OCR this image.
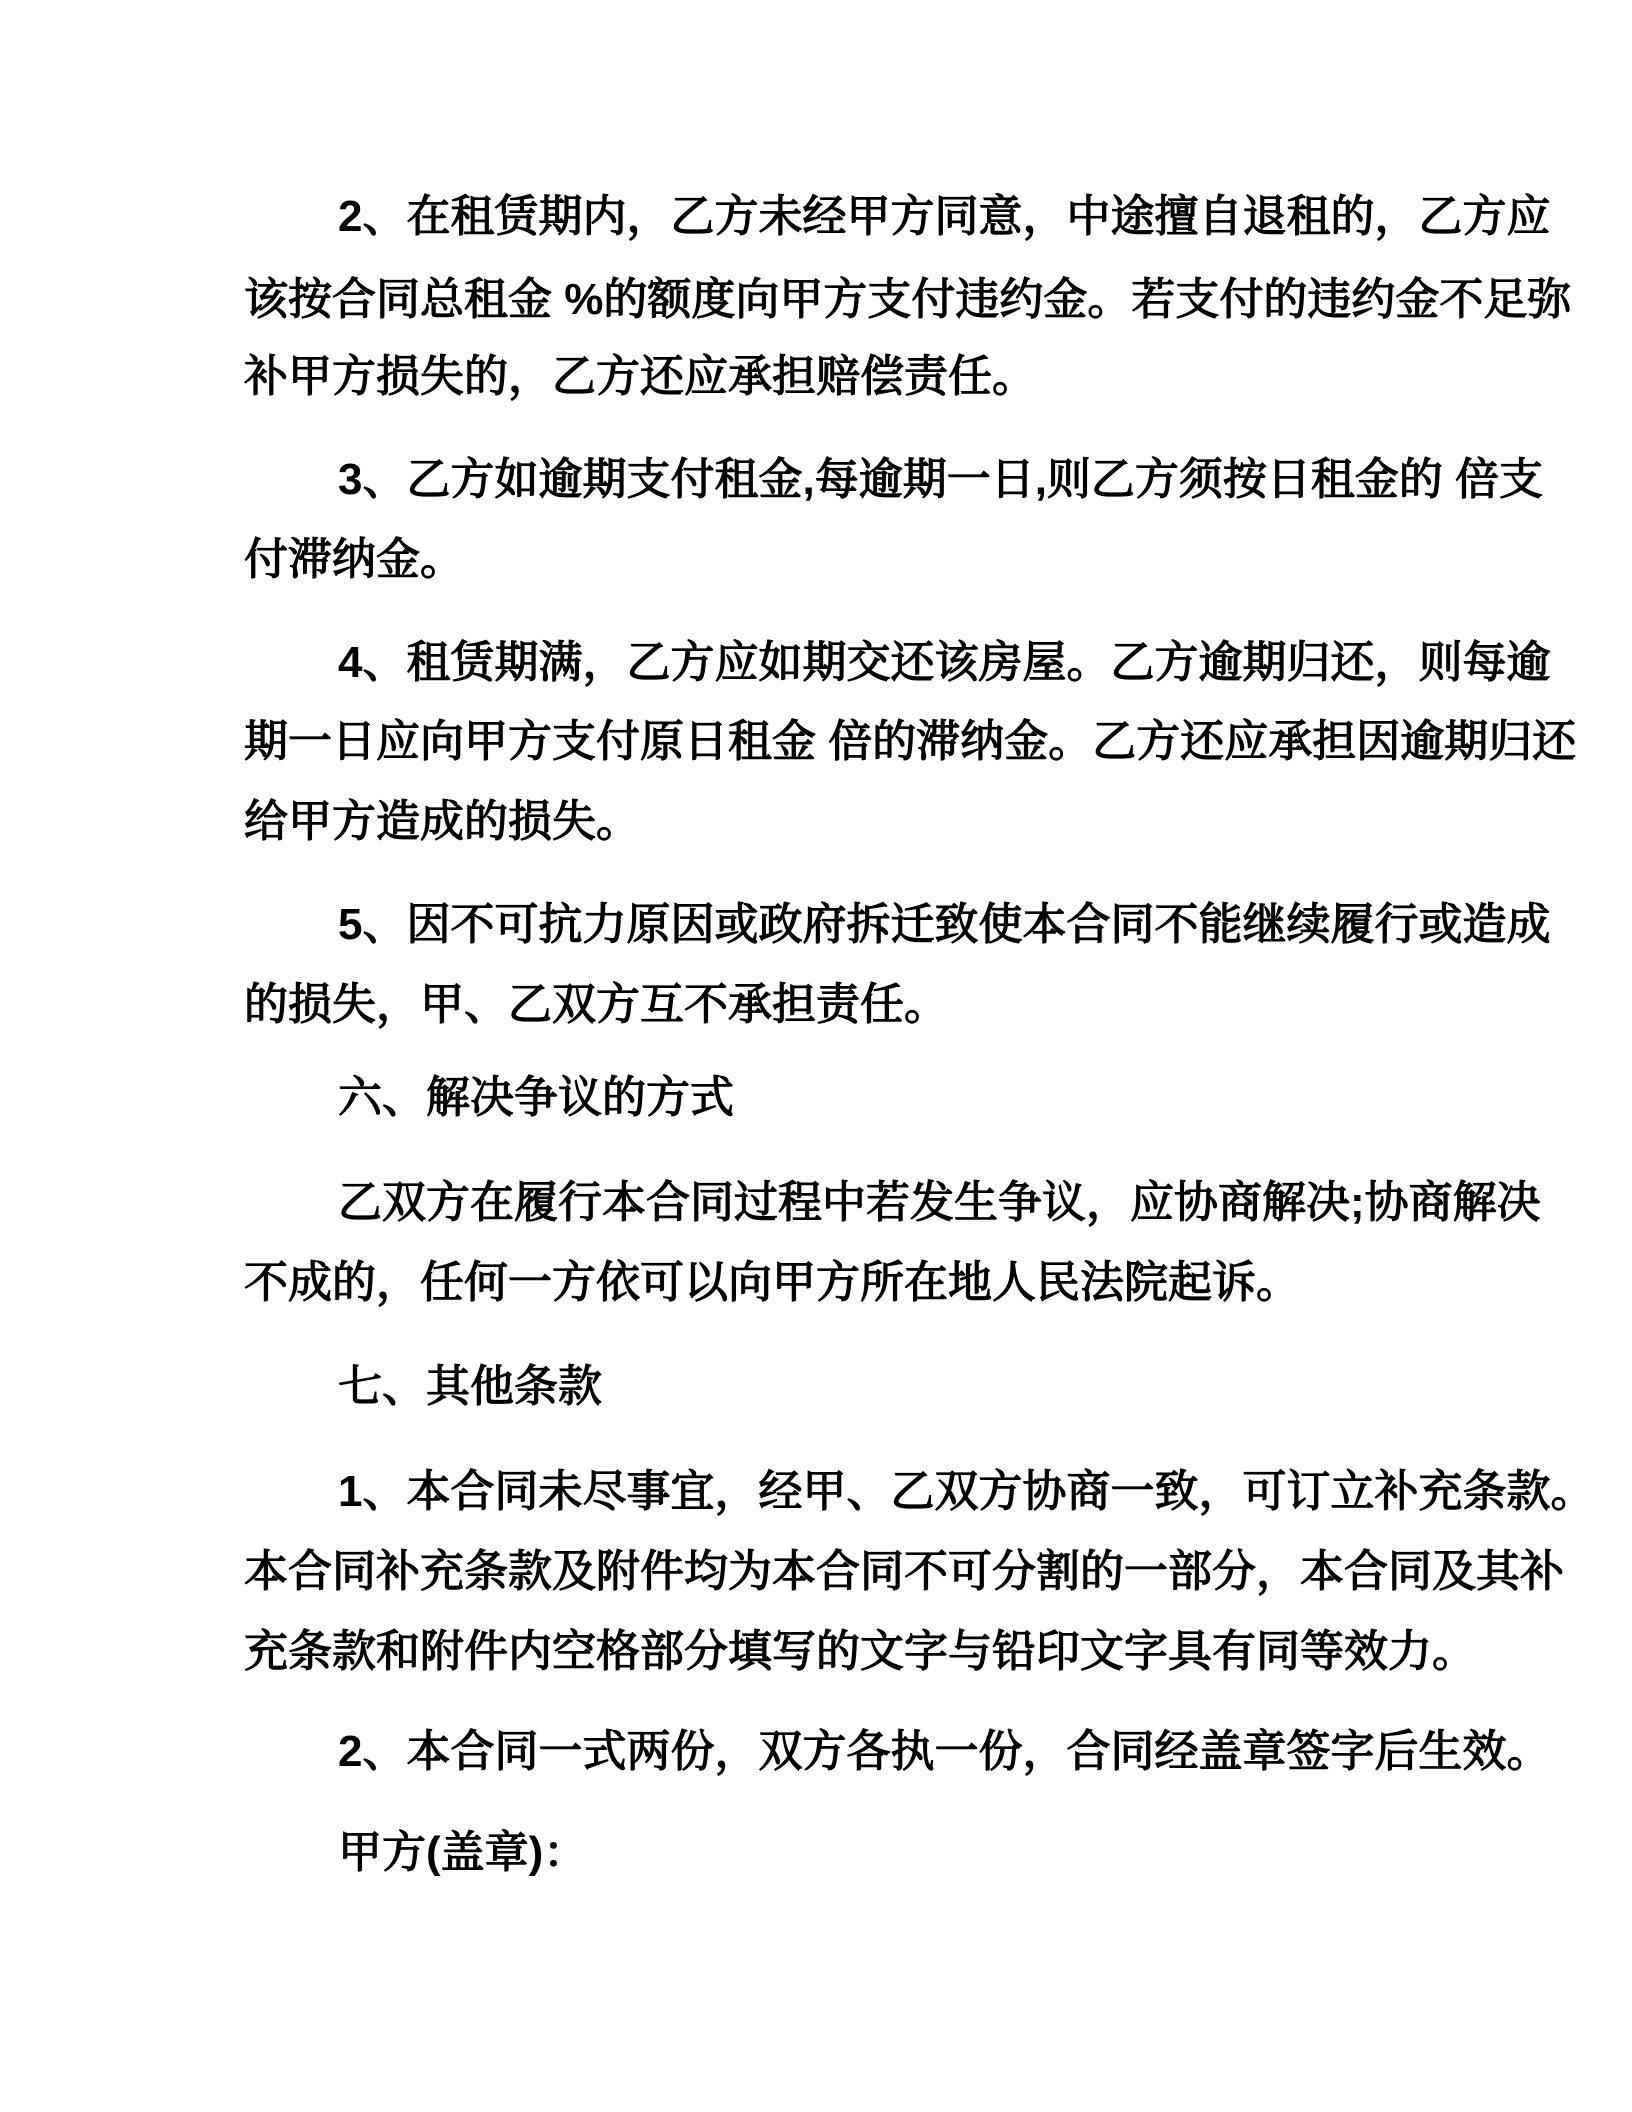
2、在租赁期内，乙方未经甲方同意，中途擅自退租的，乙方应
该按合同总租金 %的额度向甲方支付违约金。若支付的违约金不足弥
补甲方损失的，乙方还应承担赔偿责任。
3、乙方如逾期支付租金,每逾期一日,则乙方须按日租金的 倍支
付滞纳金。
4、租赁期满，乙方应如期交还该房屋。乙方逾期归还，则每逾
期一日应向甲方支付原日租金 倍的滞纳金。乙方还应承担因逾期归还
给甲方造成的损失。
5、因不可抗力原因或政府拆迁致使本合同不能继续履行或造成
的损失，甲、乙双方互不承担责任。
六、解决争议的方式
乙双方在履行本合同过程中若发生争议，应协商解决;协商解决
不成的，任何一方依可以向甲方所在地人民法院起诉。
七、其他条款
1、本合同未尽事宜，经甲、乙双方协商一致，可订立补充条款。
本合同补充条款及附件均为本合同不可分割的一部分，本合同及其补
充条款和附件内空格部分填写的文字与铅印文字具有同等效力。
2、本合同一式两份，双方各执一份，合同经盖章签字后生效。
甲方(盖章)：
